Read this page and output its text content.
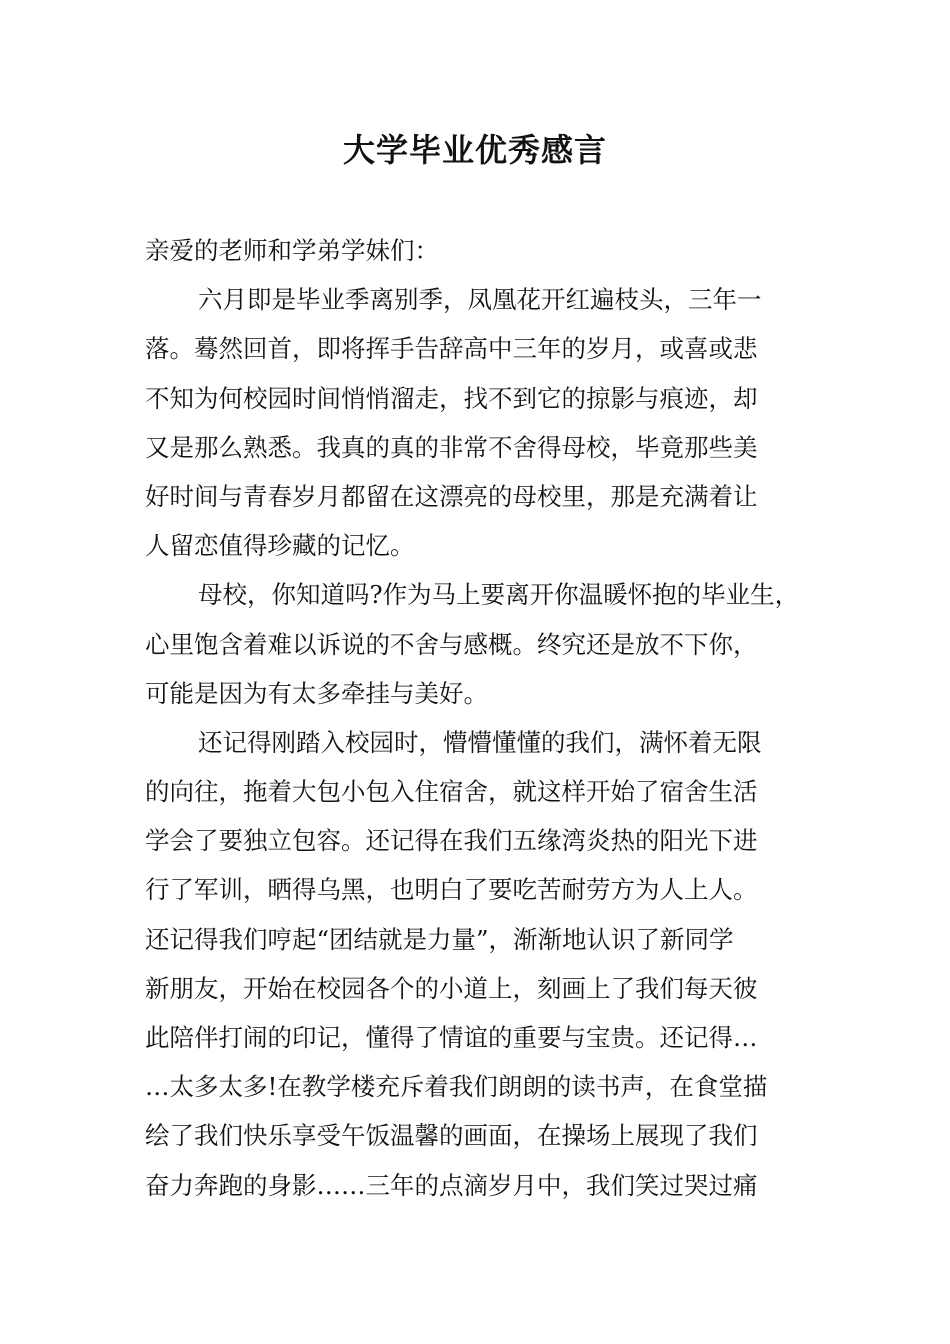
大学毕业优秀感言
亲爱的老师和学弟学妹们：
六月即是毕业季离别季，凤凰花开红遍枝头，三年一
落。蓦然回首，即将挥手告辞高中三年的岁月，或喜或悲
不知为何校园时间悄悄溜走，找不到它的掠影与痕迹，却
又是那么熟悉。我真的真的非常不舍得母校，毕竟那些美
好时间与青春岁月都留在这漂亮的母校里，那是充满着让
人留恋值得珍藏的记忆。
母校，你知道吗?作为马上要离开你温暖怀抱的毕业生，
心里饱含着难以诉说的不舍与感概。终究还是放不下你，
可能是因为有太多牵挂与美好。
还记得刚踏入校园时，懵懵懂懂的我们，满怀着无限
的向往，拖着大包小包入住宿舍，就这样开始了宿舍生活
学会了要独立包容。还记得在我们五缘湾炎热的阳光下进
行了军训，晒得乌黑，也明白了要吃苦耐劳方为人上人。
还记得我们哼起“团结就是力量”，渐渐地认识了新同学
新朋友，开始在校园各个的小道上，刻画上了我们每天彼
此陪伴打闹的印记，懂得了情谊的重要与宝贵。还记得…
…太多太多!在教学楼充斥着我们朗朗的读书声，在食堂描
绘了我们快乐享受午饭温馨的画面，在操场上展现了我们
奋力奔跑的身影……三年的点滴岁月中，我们笑过哭过痛
